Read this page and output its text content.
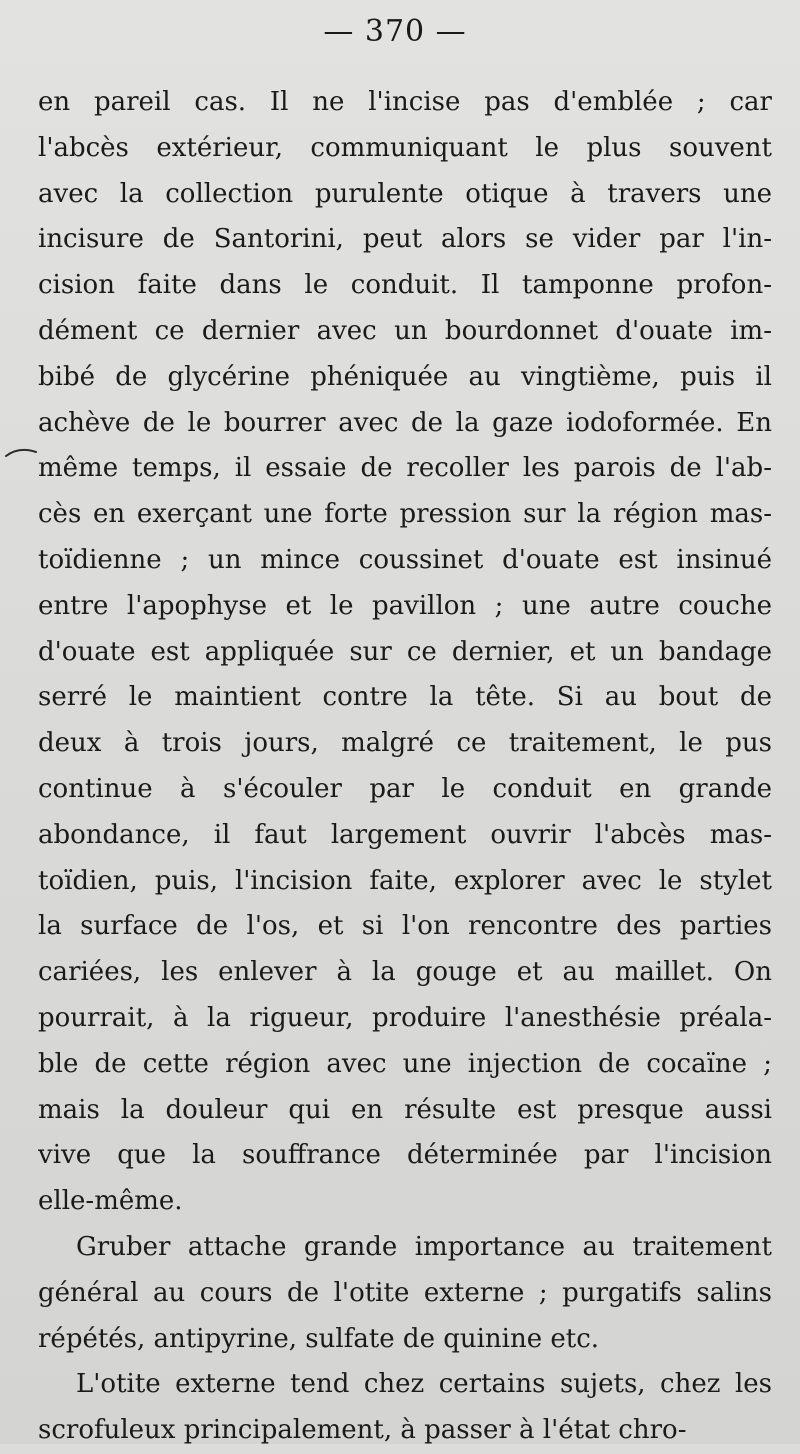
— 370 —
en pareil cas. Il ne l'incise pas d'emblée ; car
l'abcès extérieur, communiquant le plus souvent
avec la collection purulente otique à travers une
incisure de Santorini, peut alors se vider par l'in-
cision faite dans le conduit. Il tamponne profon-
dément ce dernier avec un bourdonnet d'ouate im-
bibé de glycérine phéniquée au vingtième, puis il
achève de le bourrer avec de la gaze iodoformée. En
même temps, il essaie de recoller les parois de l'ab-
cès en exerçant une forte pression sur la région mas-
toïdienne ; un mince coussinet d'ouate est insinué
entre l'apophyse et le pavillon ; une autre couche
d'ouate est appliquée sur ce dernier, et un bandage
serré le maintient contre la tête. Si au bout de
deux à trois jours, malgré ce traitement, le pus
continue à s'écouler par le conduit en grande
abondance, il faut largement ouvrir l'abcès mas-
toïdien, puis, l'incision faite, explorer avec le stylet
la surface de l'os, et si l'on rencontre des parties
cariées, les enlever à la gouge et au maillet. On
pourrait, à la rigueur, produire l'anesthésie préala-
ble de cette région avec une injection de cocaïne ;
mais la douleur qui en résulte est presque aussi
vive que la souffrance déterminée par l'incision
elle-même.
Gruber attache grande importance au traitement
général au cours de l'otite externe ; purgatifs salins
répétés, antipyrine, sulfate de quinine etc.
L'otite externe tend chez certains sujets, chez les
scrofuleux principalement, à passer à l'état chro-
